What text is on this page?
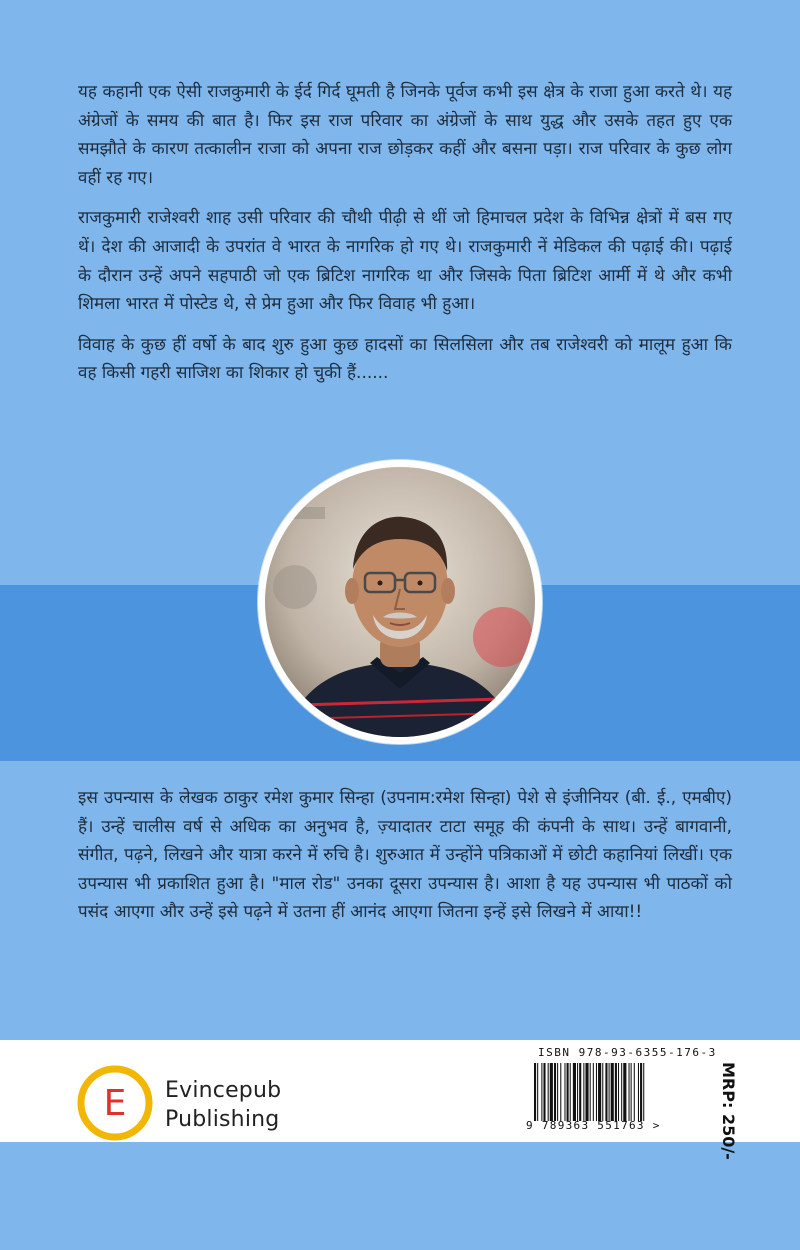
यह कहानी एक ऐसी राजकुमारी के ईर्द गिर्द घूमती है जिनके पूर्वज कभी इस क्षेत्र के राजा हुआ करते थे। यह अंग्रेजों के समय की बात है। फिर इस राज परिवार का अंग्रेजों के साथ युद्ध और उसके तहत हुए एक समझौते के कारण तत्कालीन राजा को अपना राज छोड़कर कहीं और बसना पड़ा। राज परिवार के कुछ लोग वहीं रह गए।

राजकुमारी राजेश्वरी शाह उसी परिवार की चौथी पीढ़ी से थीं जो हिमाचल प्रदेश के विभिन्न क्षेत्रों में बस गए थें। देश की आजादी के उपरांत वे भारत के नागरिक हो गए थे। राजकुमारी नें मेडिकल की पढ़ाई की। पढ़ाई के दौरान उन्हें अपने सहपाठी जो एक ब्रिटिश नागरिक था और जिसके पिता ब्रिटिश आर्मी में थे और कभी शिमला भारत में पोस्टेड थे, से प्रेम हुआ और फिर विवाह भी हुआ।

विवाह के कुछ हीं वर्षो के बाद शुरु हुआ कुछ हादसों का सिलसिला और तब राजेश्वरी को मालूम हुआ कि वह किसी गहरी साजिश का शिकार हो चुकी हैं......

इस उपन्यास के लेखक ठाकुर रमेश कुमार सिन्हा (उपनाम:रमेश सिन्हा) पेशे से इंजीनियर (बी. ई., एमबीए) हैं। उन्हें चालीस वर्ष से अधिक का अनुभव है, ज़्यादातर टाटा समूह की कंपनी के साथ। उन्हें बागवानी, संगीत, पढ़ने, लिखने और यात्रा करने में रुचि है। शुरुआत में उन्होंने पत्रिकाओं में छोटी कहानियां लिखीं। एक उपन्यास भी प्रकाशित हुआ है। "माल रोड" उनका दूसरा उपन्यास है। आशा है यह उपन्यास भी पाठकों को पसंद आएगा और उन्हें इसे पढ़ने में उतना हीं आनंद आएगा जितना इन्हें इसे लिखने में आया!!

E Evincepub
Publishing
ISBN 978-93-6355-176-3
9 789363 551763 >	MRP: 250/-
